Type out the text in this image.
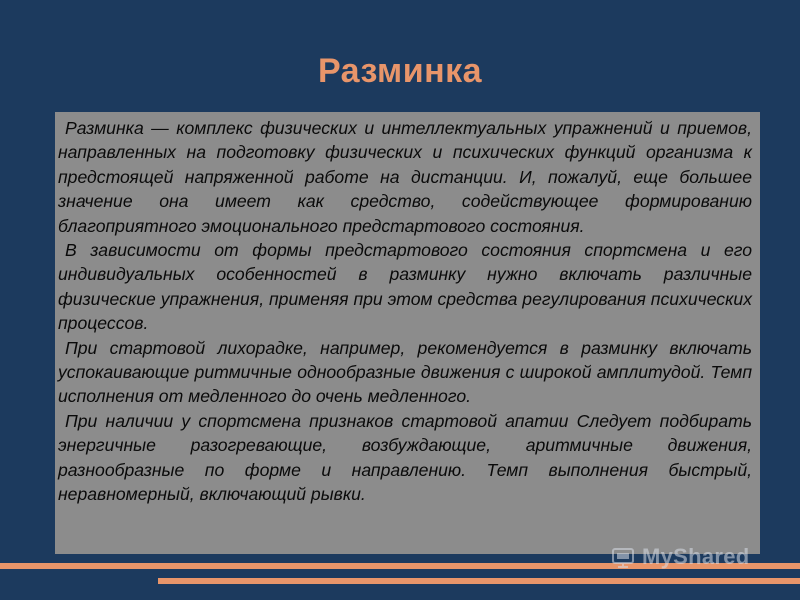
Разминка

Разминка — комплекс физических и интеллектуальных упражнений и приемов, направленных на подготовку физических и психических функций организма к предстоящей напряженной работе на дистанции. И, пожалуй, еще большее значение она имеет как средство, содействующее формированию благоприятного эмоционального предстартового состояния.

В зависимости от формы предстартового состояния спортсмена и его индивидуальных особенностей в разминку нужно включать различные физические упражнения, применяя при этом средства регулирования психических процессов.

При стартовой лихорадке, например, рекомендуется в разминку включать успокаивающие ритмичные однообразные движения с широкой амплитудой. Темп исполнения от медленного до очень медленного.

При наличии у спортсмена признаков стартовой апатии Следует подбирать энергичные разогревающие, возбуждающие, аритмичные движения, разнообразные по форме и направлению. Темп выполнения быстрый, неравномерный, включающий рывки.

MyShared
